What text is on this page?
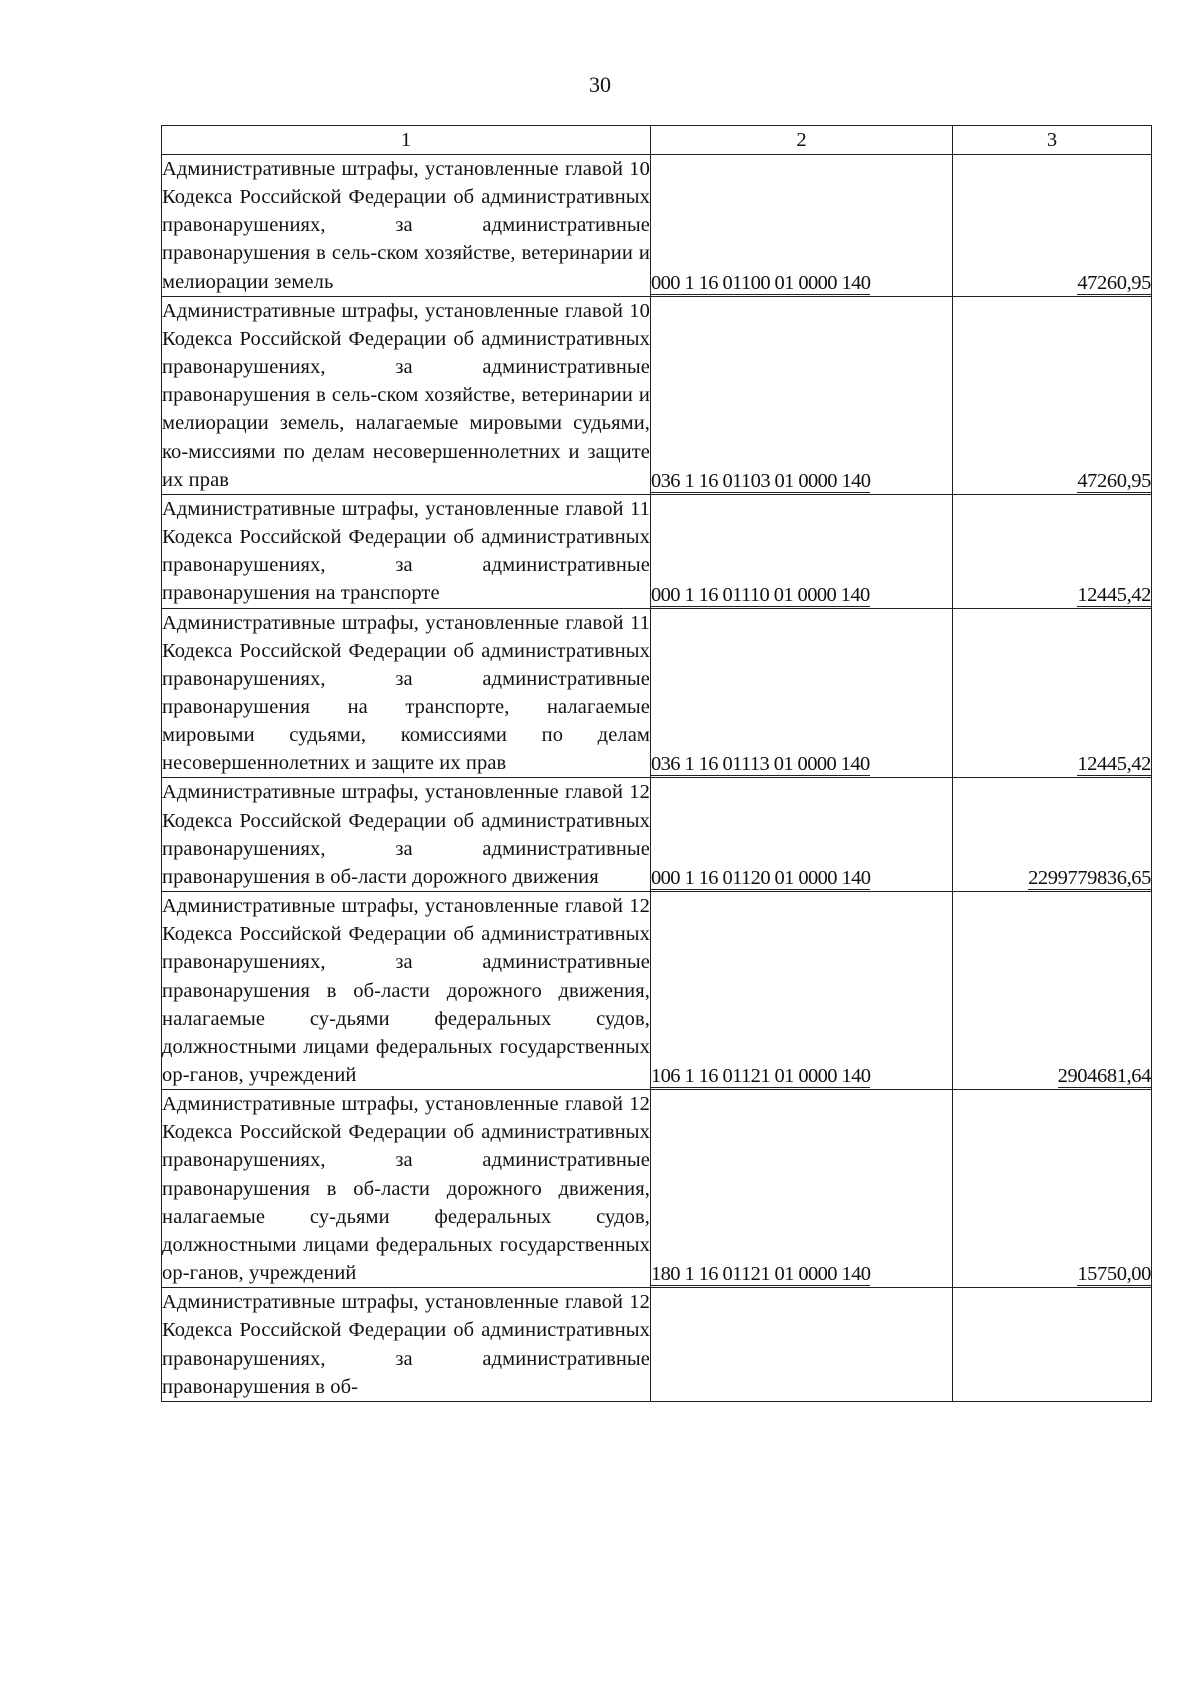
30
1	2	3
Административные штрафы, установленные главой 10 Кодекса Российской Федерации об административных правонарушениях, за административные правонарушения в сель-ском хозяйстве, ветеринарии и мелиорации земель	000 1 16 01100 01 0000 140	47260,95
Административные штрафы, установленные главой 10 Кодекса Российской Федерации об административных правонарушениях, за административные правонарушения в сель-ском хозяйстве, ветеринарии и мелиорации земель, налагаемые мировыми судьями, ко-миссиями по делам несовершеннолетних и защите их прав	036 1 16 01103 01 0000 140	47260,95
Административные штрафы, установленные главой 11 Кодекса Российской Федерации об административных правонарушениях, за административные правонарушения на транспорте	000 1 16 01110 01 0000 140	12445,42
Административные штрафы, установленные главой 11 Кодекса Российской Федерации об административных правонарушениях, за административные правонарушения на транспорте, налагаемые мировыми судьями, комиссиями по делам несовершеннолетних и защите их прав	036 1 16 01113 01 0000 140	12445,42
Административные штрафы, установленные главой 12 Кодекса Российской Федерации об административных правонарушениях, за административные правонарушения в об-ласти дорожного движения	000 1 16 01120 01 0000 140	2299779836,65
Административные штрафы, установленные главой 12 Кодекса Российской Федерации об административных правонарушениях, за административные правонарушения в об-ласти дорожного движения, налагаемые су-дьями федеральных судов, должностными лицами федеральных государственных ор-ганов, учреждений	106 1 16 01121 01 0000 140	2904681,64
Административные штрафы, установленные главой 12 Кодекса Российской Федерации об административных правонарушениях, за административные правонарушения в об-ласти дорожного движения, налагаемые су-дьями федеральных судов, должностными лицами федеральных государственных ор-ганов, учреждений	180 1 16 01121 01 0000 140	15750,00
Административные штрафы, установленные главой 12 Кодекса Российской Федерации об административных правонарушениях, за административные правонарушения в об-		
